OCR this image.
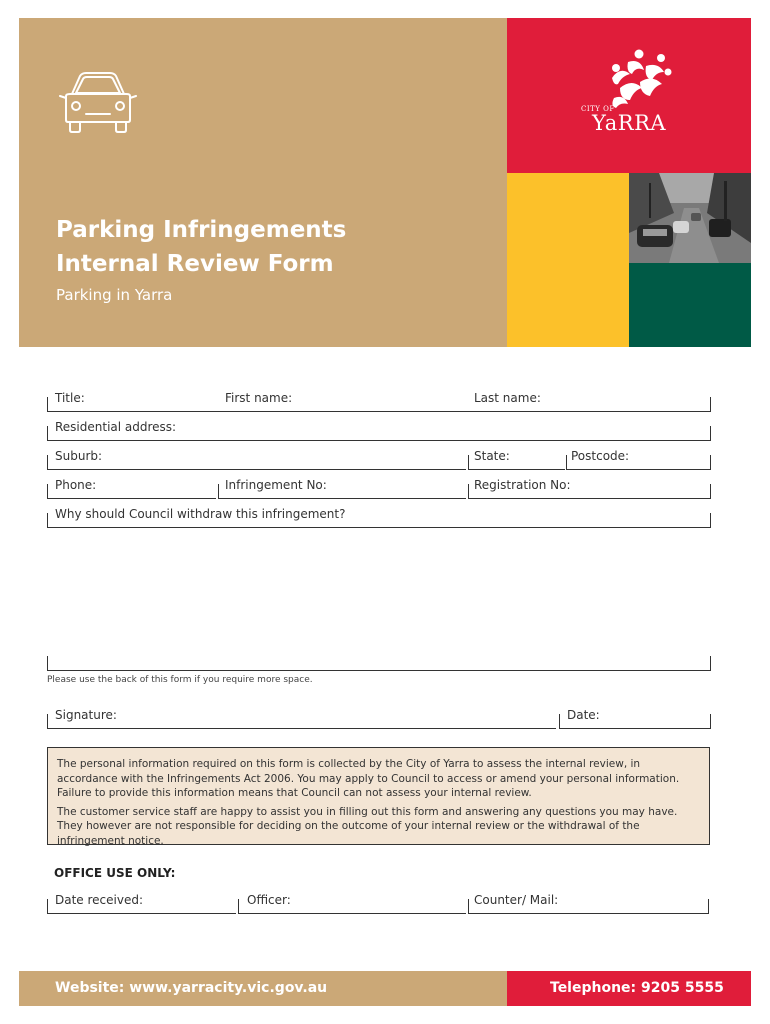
Parking Infringements
Internal Review Form

Parking in Yarra

CITY OF
YaRRA
Title:	First name:	Last name:
Residential address:
Suburb:	State:	Postcode:
Phone:	Infringement No:	Registration No:
Why should Council withdraw this infringement?

Please use the back of this form if you require more space.

Signature:	Date:

The personal information required on this form is collected by the City of Yarra to assess the internal review, in accordance with the Infringements Act 2006. You may apply to Council to access or amend your personal information. Failure to provide this information means that Council can not assess your internal review.

The customer service staff are happy to assist you in filling out this form and answering any questions you may have. They however are not responsible for deciding on the outcome of your internal review or the withdrawal of the infringement notice.

OFFICE USE ONLY:

Date received:	Officer:	Counter/ Mail:
Website: www.yarracity.vic.gov.au	Telephone: 9205 5555
